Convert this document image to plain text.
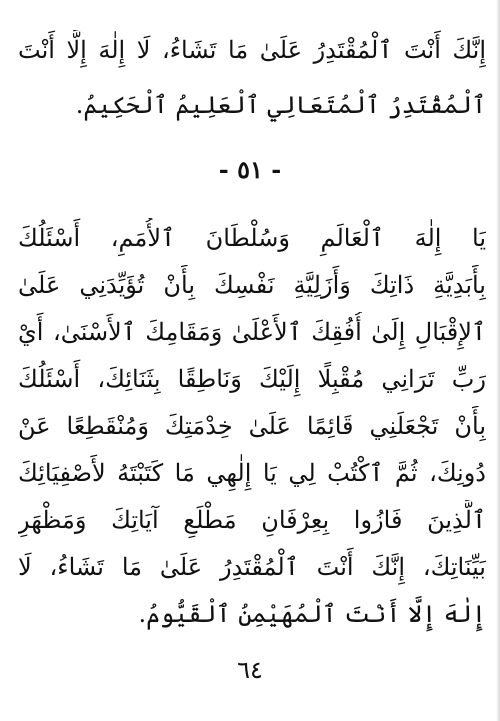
إِنَّكَ أَنْتَ ٱلْمُقْتَدِرُ عَلَىٰ مَا تَشَاءُ، لَا إِلٰهَ إِلَّا أَنْتَ
ٱلْمُقْتَدِرُ ٱلْمُتَعَالِي ٱلْعَلِيمُ ٱلْحَكِيمُ.
- ٥١ -
يَا إِلٰهَ ٱلْعَالَمِ وَسُلْطَانَ ٱلأُمَمِ، أَسْئَلُكَ
بِأَبَدِيَّةِ ذَاتِكَ وَأَزَلِيَّةِ نَفْسِكَ بِأَنْ تُؤَيِّدَنِي عَلَىٰ
ٱلإِقْبَالِ إِلَىٰ أُفُقِكَ ٱلأَعْلَىٰ وَمَقَامِكَ ٱلأَسْنَىٰ، أَيْ
رَبِّ تَرَانِي مُقْبِلًا إِلَيْكَ وَنَاطِقًا بِثَنَائِكَ، أَسْئَلُكَ
بِأَنْ تَجْعَلَنِي قَائِمًا عَلَىٰ خِدْمَتِكَ وَمُنْقَطِعًا عَنْ
دُونِكَ، ثُمَّ ٱكْتُبْ لِي يَا إِلٰهِي مَا كَتَبْتَهُ لأَصْفِيَائِكَ
ٱلَّذِينَ فَازُوا بِعِرْفَانِ مَطْلَعِ آيَاتِكَ وَمَظْهَرِ
بَيِّنَاتِكَ، إِنَّكَ أَنْتَ ٱلْمُقْتَدِرُ عَلَىٰ مَا تَشَاءُ، لَا
إِلٰهَ إِلَّا أَنْتَ ٱلْمُهَيْمِنُ ٱلْقَيُّومُ.
٦٤
